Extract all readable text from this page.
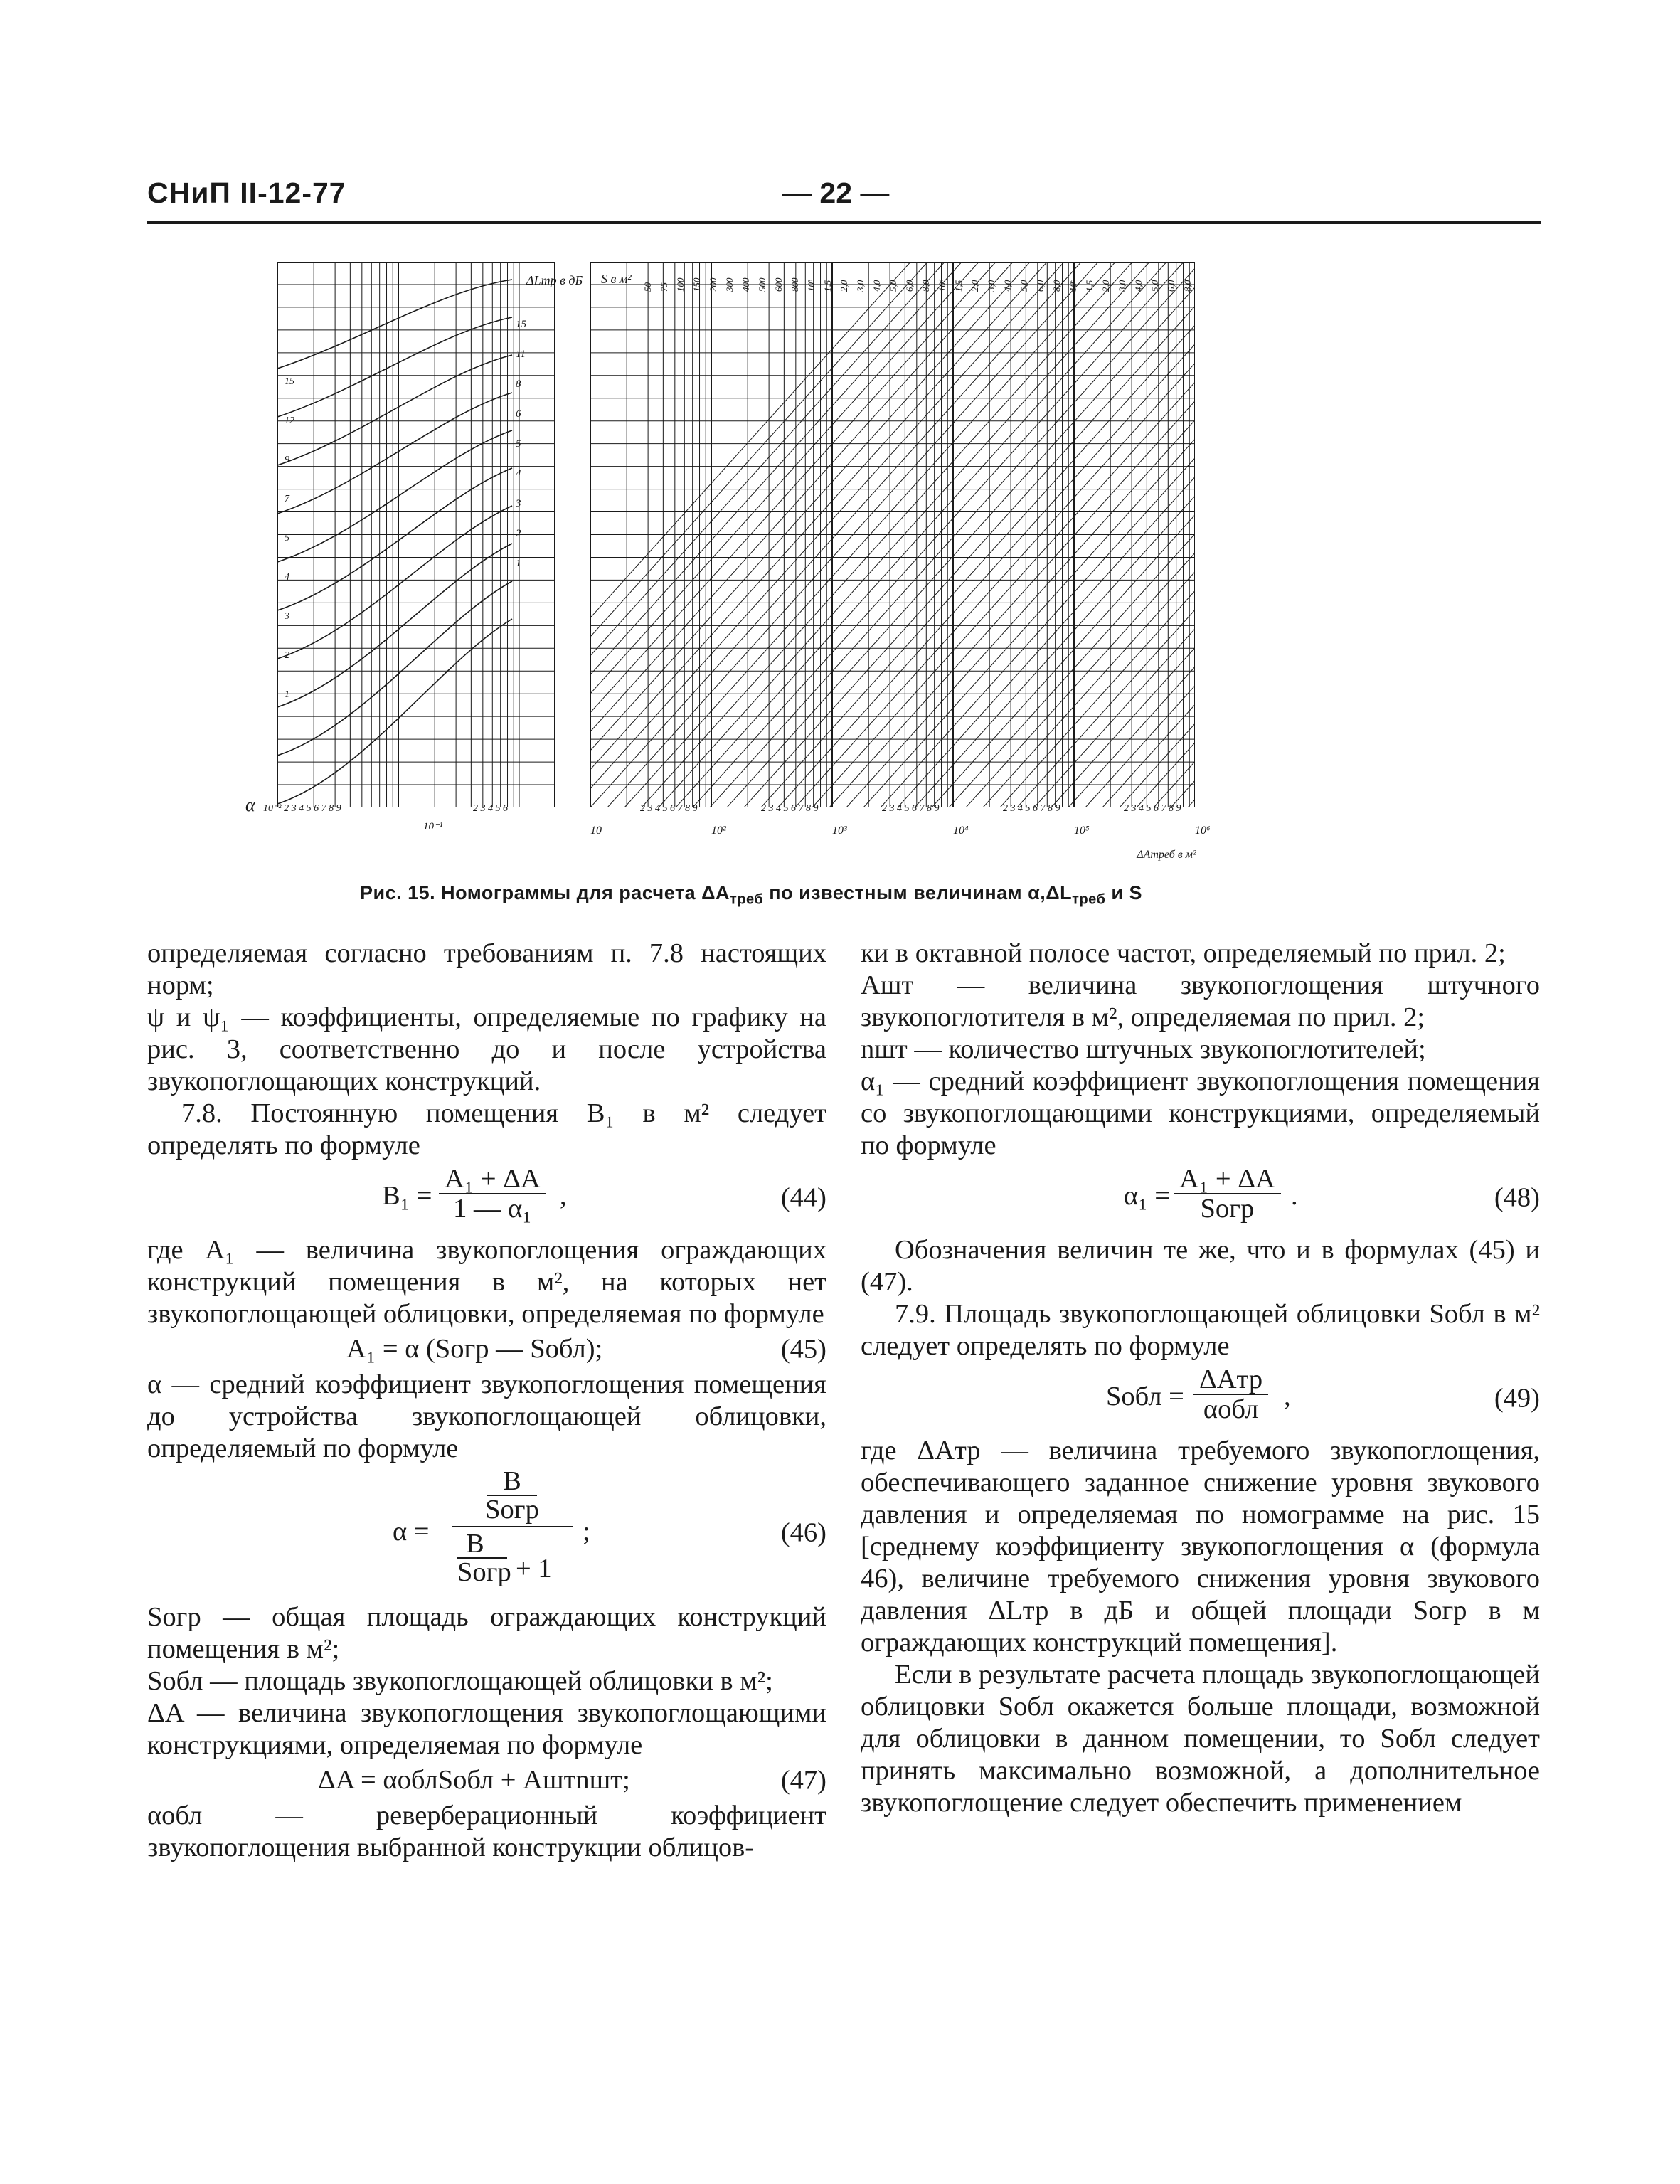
СНиП II-12-77	— 22 —
ΔLтр в дБ
15
11
8
6
5
4
3
2
1
15
12
9
7
5
4
3
2
1
S в м²
50 75 100 150 200 300 400 500 600 800 10³ 1,5 2,0 3,0 4,0 5,0 6,0 8,0 10⁴ 1,5 2,0 3,0 4,0 5,0 6,0 8,0 10⁵ 1,5 2,0 3,0 4,0 5,0 6,0 8,0
α 10⁻² 2 3 4 5 6 7 8 9	2 3 4 5 6
10⁻¹
2 3 4 5 6 7 8 9	2 3 4 5 6 7 8 9	2 3 4 5 6 7 8 9	2 3 4 5 6 7 8 9	2 3 4 5 6 7 8 9
10	10²	10³	10⁴	10⁵	10⁶
ΔAтреб в м²
Рис. 15. Номограммы для расчета $\Delta A_{треб}$ по известным величинам $\alpha,\Delta L_{треб}$ и S

определяемая согласно требованиям п. 7.8 настоящих норм;

ψ и ψ₁ — коэффициенты, определяемые по графику на рис. 3, соответственно до и после устройства звукопоглощающих конструкций.

7.8. Постоянную помещения B₁ в м² следует определять по формуле

$B_1 = \frac{\text{A₁ + ΔA}}{\text{1 — α₁}}$ ,	(44)

где A₁ — величина звукопоглощения ограждающих конструкций помещения в м², на которых нет звукопоглощающей облицовки, определяемая по формуле

A₁ = α (Sогр — Sобл);	(45)

α — средний коэффициент звукопоглощения помещения до устройства звукопоглощающей облицовки, определяемый по формуле

α =
B
Sогр
B
Sогр + 1
;	(46)

Sогр — общая площадь ограждающих конструкций помещения в м²;

Sобл — площадь звукопоглощающей облицовки в м²;

ΔA — величина звукопоглощения звукопоглощающими конструкциями, определяемая по формуле

ΔA = αоблSобл + Aштnшт;	(47)

αобл — реверберационный коэффициент звукопоглощения выбранной конструкции облицов-

ки в октавной полосе частот, определяемый по прил. 2;

Aшт — величина звукопоглощения штучного звукопоглотителя в м², определяемая по прил. 2;

nшт — количество штучных звукопоглотителей;

α₁ — средний коэффициент звукопоглощения помещения со звукопоглощающими конструкциями, определяемый по формуле

α₁ =
A₁ + ΔA
Sогр .	(48)

Обозначения величин те же, что и в формулах (45) и (47).

7.9. Площадь звукопоглощающей облицовки Sобл в м² следует определять по формуле

Sобл =
ΔAтр
αобл ,	(49)

где ΔAтр — величина требуемого звукопоглощения, обеспечивающего заданное снижение уровня звукового давления и определяемая по номограмме на рис. 15 [среднему коэффициенту звукопоглощения α (формула 46), величине требуемого снижения уровня звукового давления ΔLтр в дБ и общей площади Sогр в м ограждающих конструкций помещения].

Если в результате расчета площадь звукопоглощающей облицовки Sобл окажется больше площади, возможной для облицовки в данном помещении, то Sобл следует принять максимально возможной, а дополнительное звукопоглощение следует обеспечить применением
